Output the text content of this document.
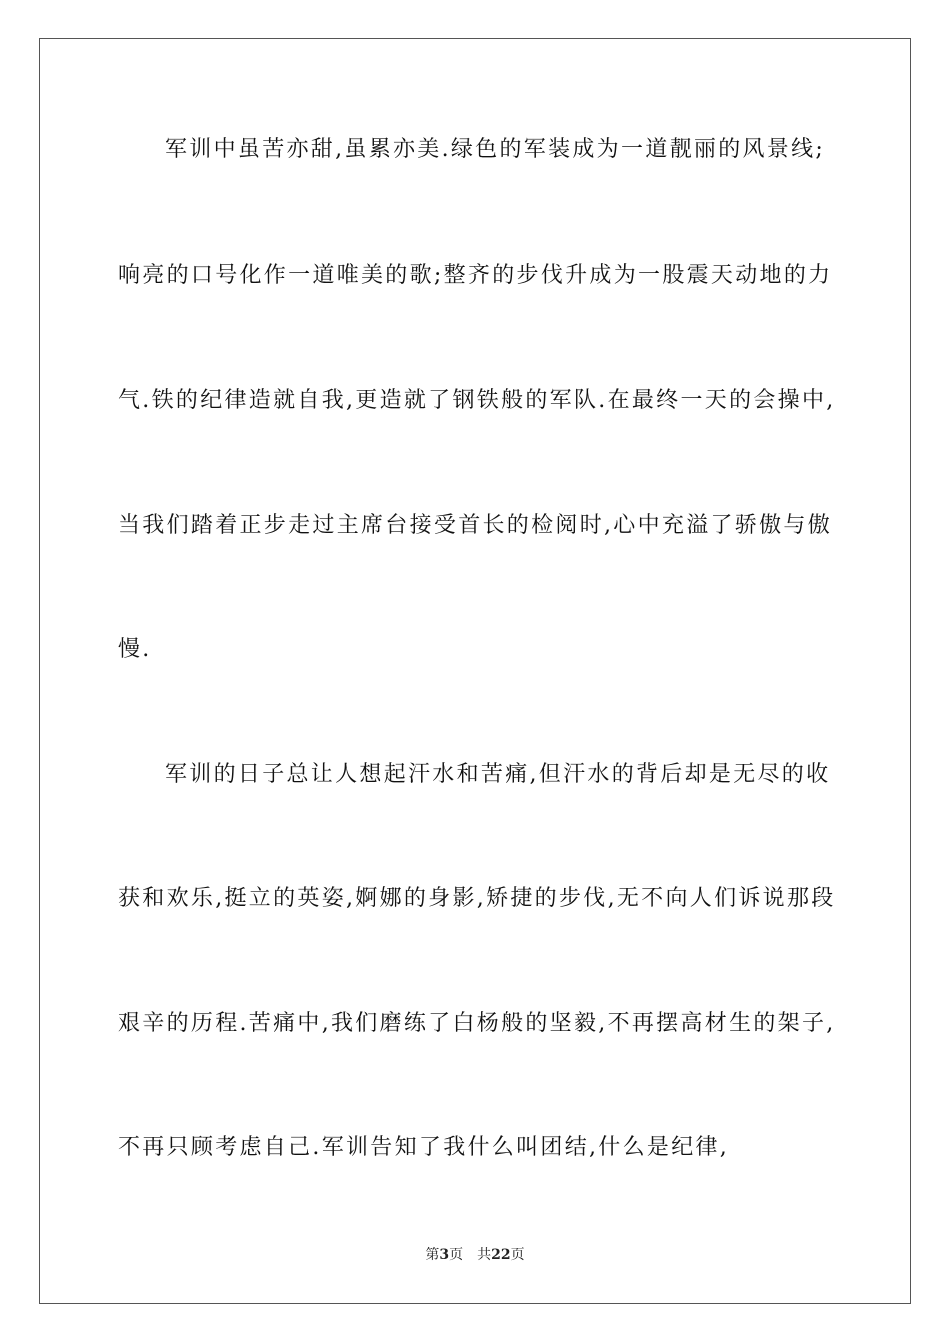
军训中虽苦亦甜,虽累亦美.绿色的军装成为一道靓丽的风景线;
响亮的口号化作一道唯美的歌;整齐的步伐升成为一股震天动地的力
气.铁的纪律造就自我,更造就了钢铁般的军队.在最终一天的会操中,
当我们踏着正步走过主席台接受首长的检阅时,心中充溢了骄傲与傲
慢.
军训的日子总让人想起汗水和苦痛,但汗水的背后却是无尽的收
获和欢乐,挺立的英姿,婀娜的身影,矫捷的步伐,无不向人们诉说那段
艰辛的历程.苦痛中,我们磨练了白杨般的坚毅,不再摆高材生的架子,
不再只顾考虑自己.军训告知了我什么叫团结,什么是纪律,
第3页 共22页
